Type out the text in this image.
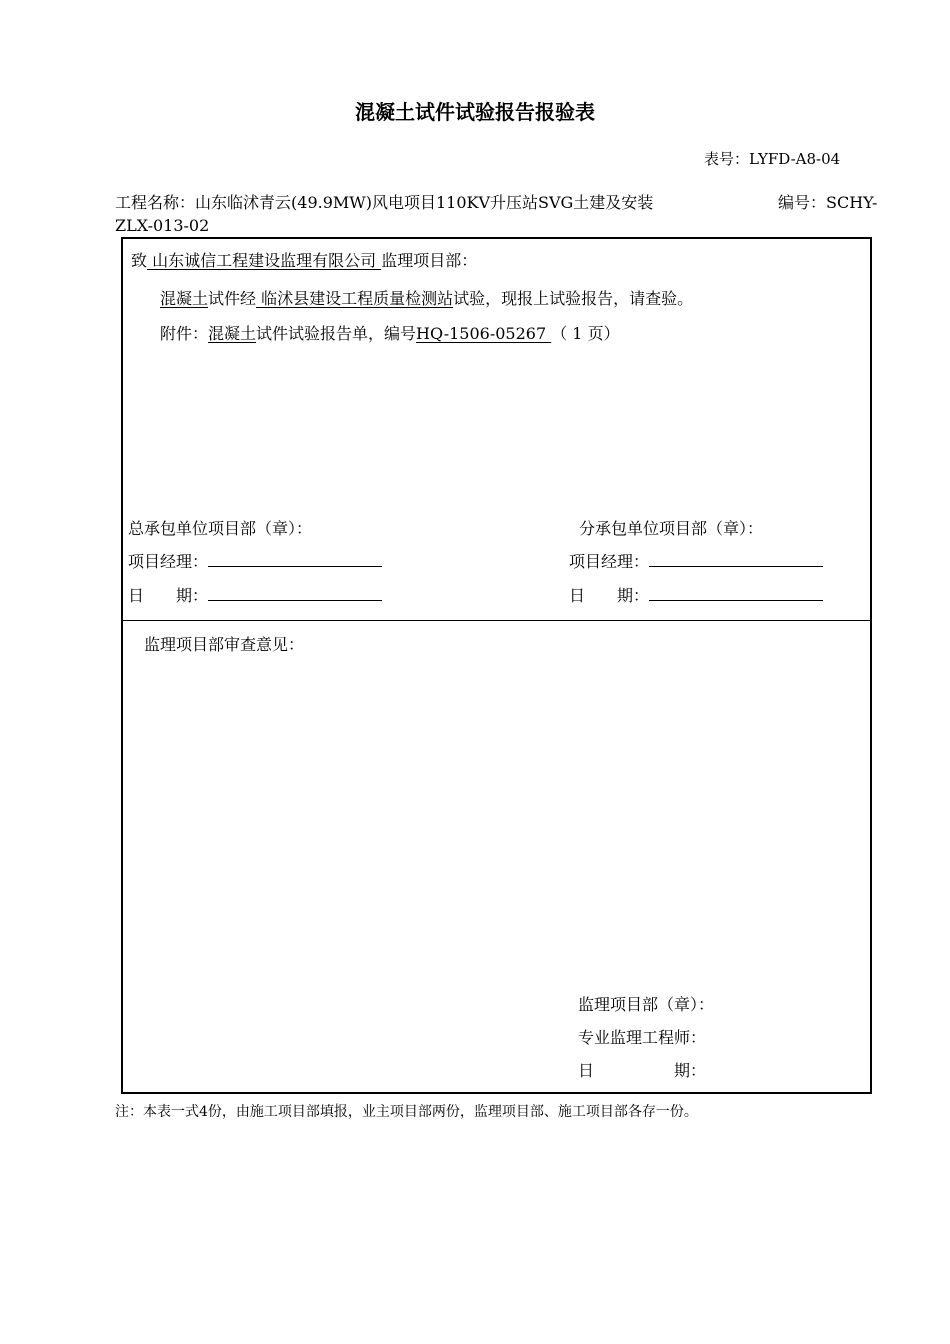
混凝土试件试验报告报验表
表号：LYFD-A8-04
工程名称：山东临沭青云(49.9MW)风电项目110KV升压站SVG土建及安装	编号：SCHY-
ZLX-013-02
致 山东诚信工程建设监理有限公司 监理项目部：
混凝土试件经 临沭县建设工程质量检测站试验，现报上试验报告，请查验。
附件：混凝土试件试验报告单，编号HQ-1506-05267 （ 1 页）
总承包单位项目部（章）：
项目经理：
日　　期：
分承包单位项目部（章）：
项目经理：
日　　期：
监理项目部审查意见：
监理项目部（章）：
专业监理工程师：
日　　　　　期：
注：本表一式4份，由施工项目部填报，业主项目部两份，监理项目部、施工项目部各存一份。
